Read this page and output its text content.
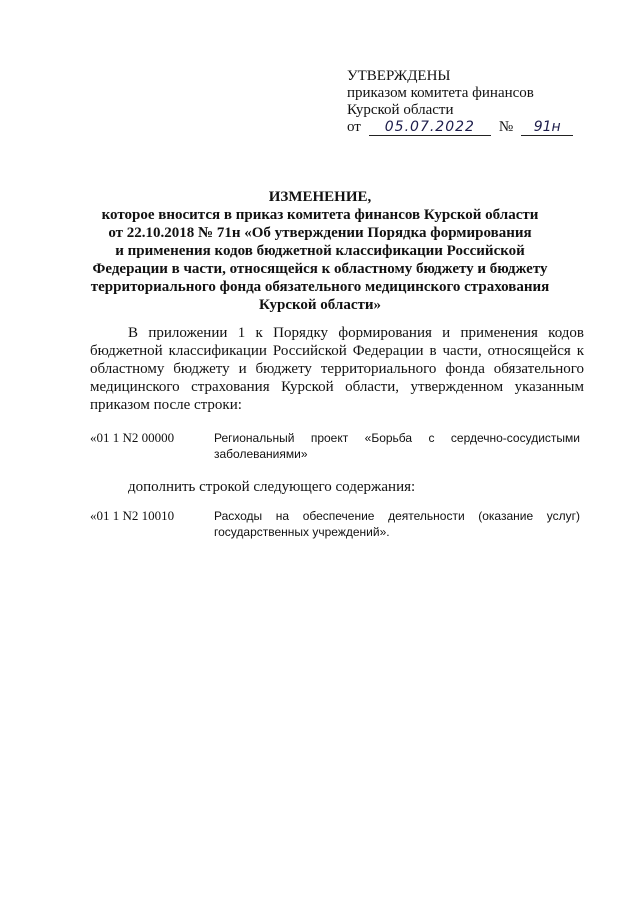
УТВЕРЖДЕНЫ
приказом комитета финансов
Курской области
от	05.07.2022	№	91н
ИЗМЕНЕНИЕ,
которое вносится в приказ комитета финансов Курской области
от 22.10.2018 № 71н «Об утверждении Порядка формирования
и применения кодов бюджетной классификации Российской
Федерации в части, относящейся к областному бюджету и бюджету
территориального фонда обязательного медицинского страхования
Курской области»

В приложении 1 к Порядку формирования и применения кодов бюджетной классификации Российской Федерации в части, относящейся к областному бюджету и бюджету территориального фонда обязательного медицинского страхования Курской области, утвержденном указанным приказом после строки:

«01 1 N2 00000	Региональный проект «Борьба с сердечно-сосудистыми заболеваниями»
дополнить строкой следующего содержания:
«01 1 N2 10010	Расходы на обеспечение деятельности (оказание услуг) государственных учреждений».
